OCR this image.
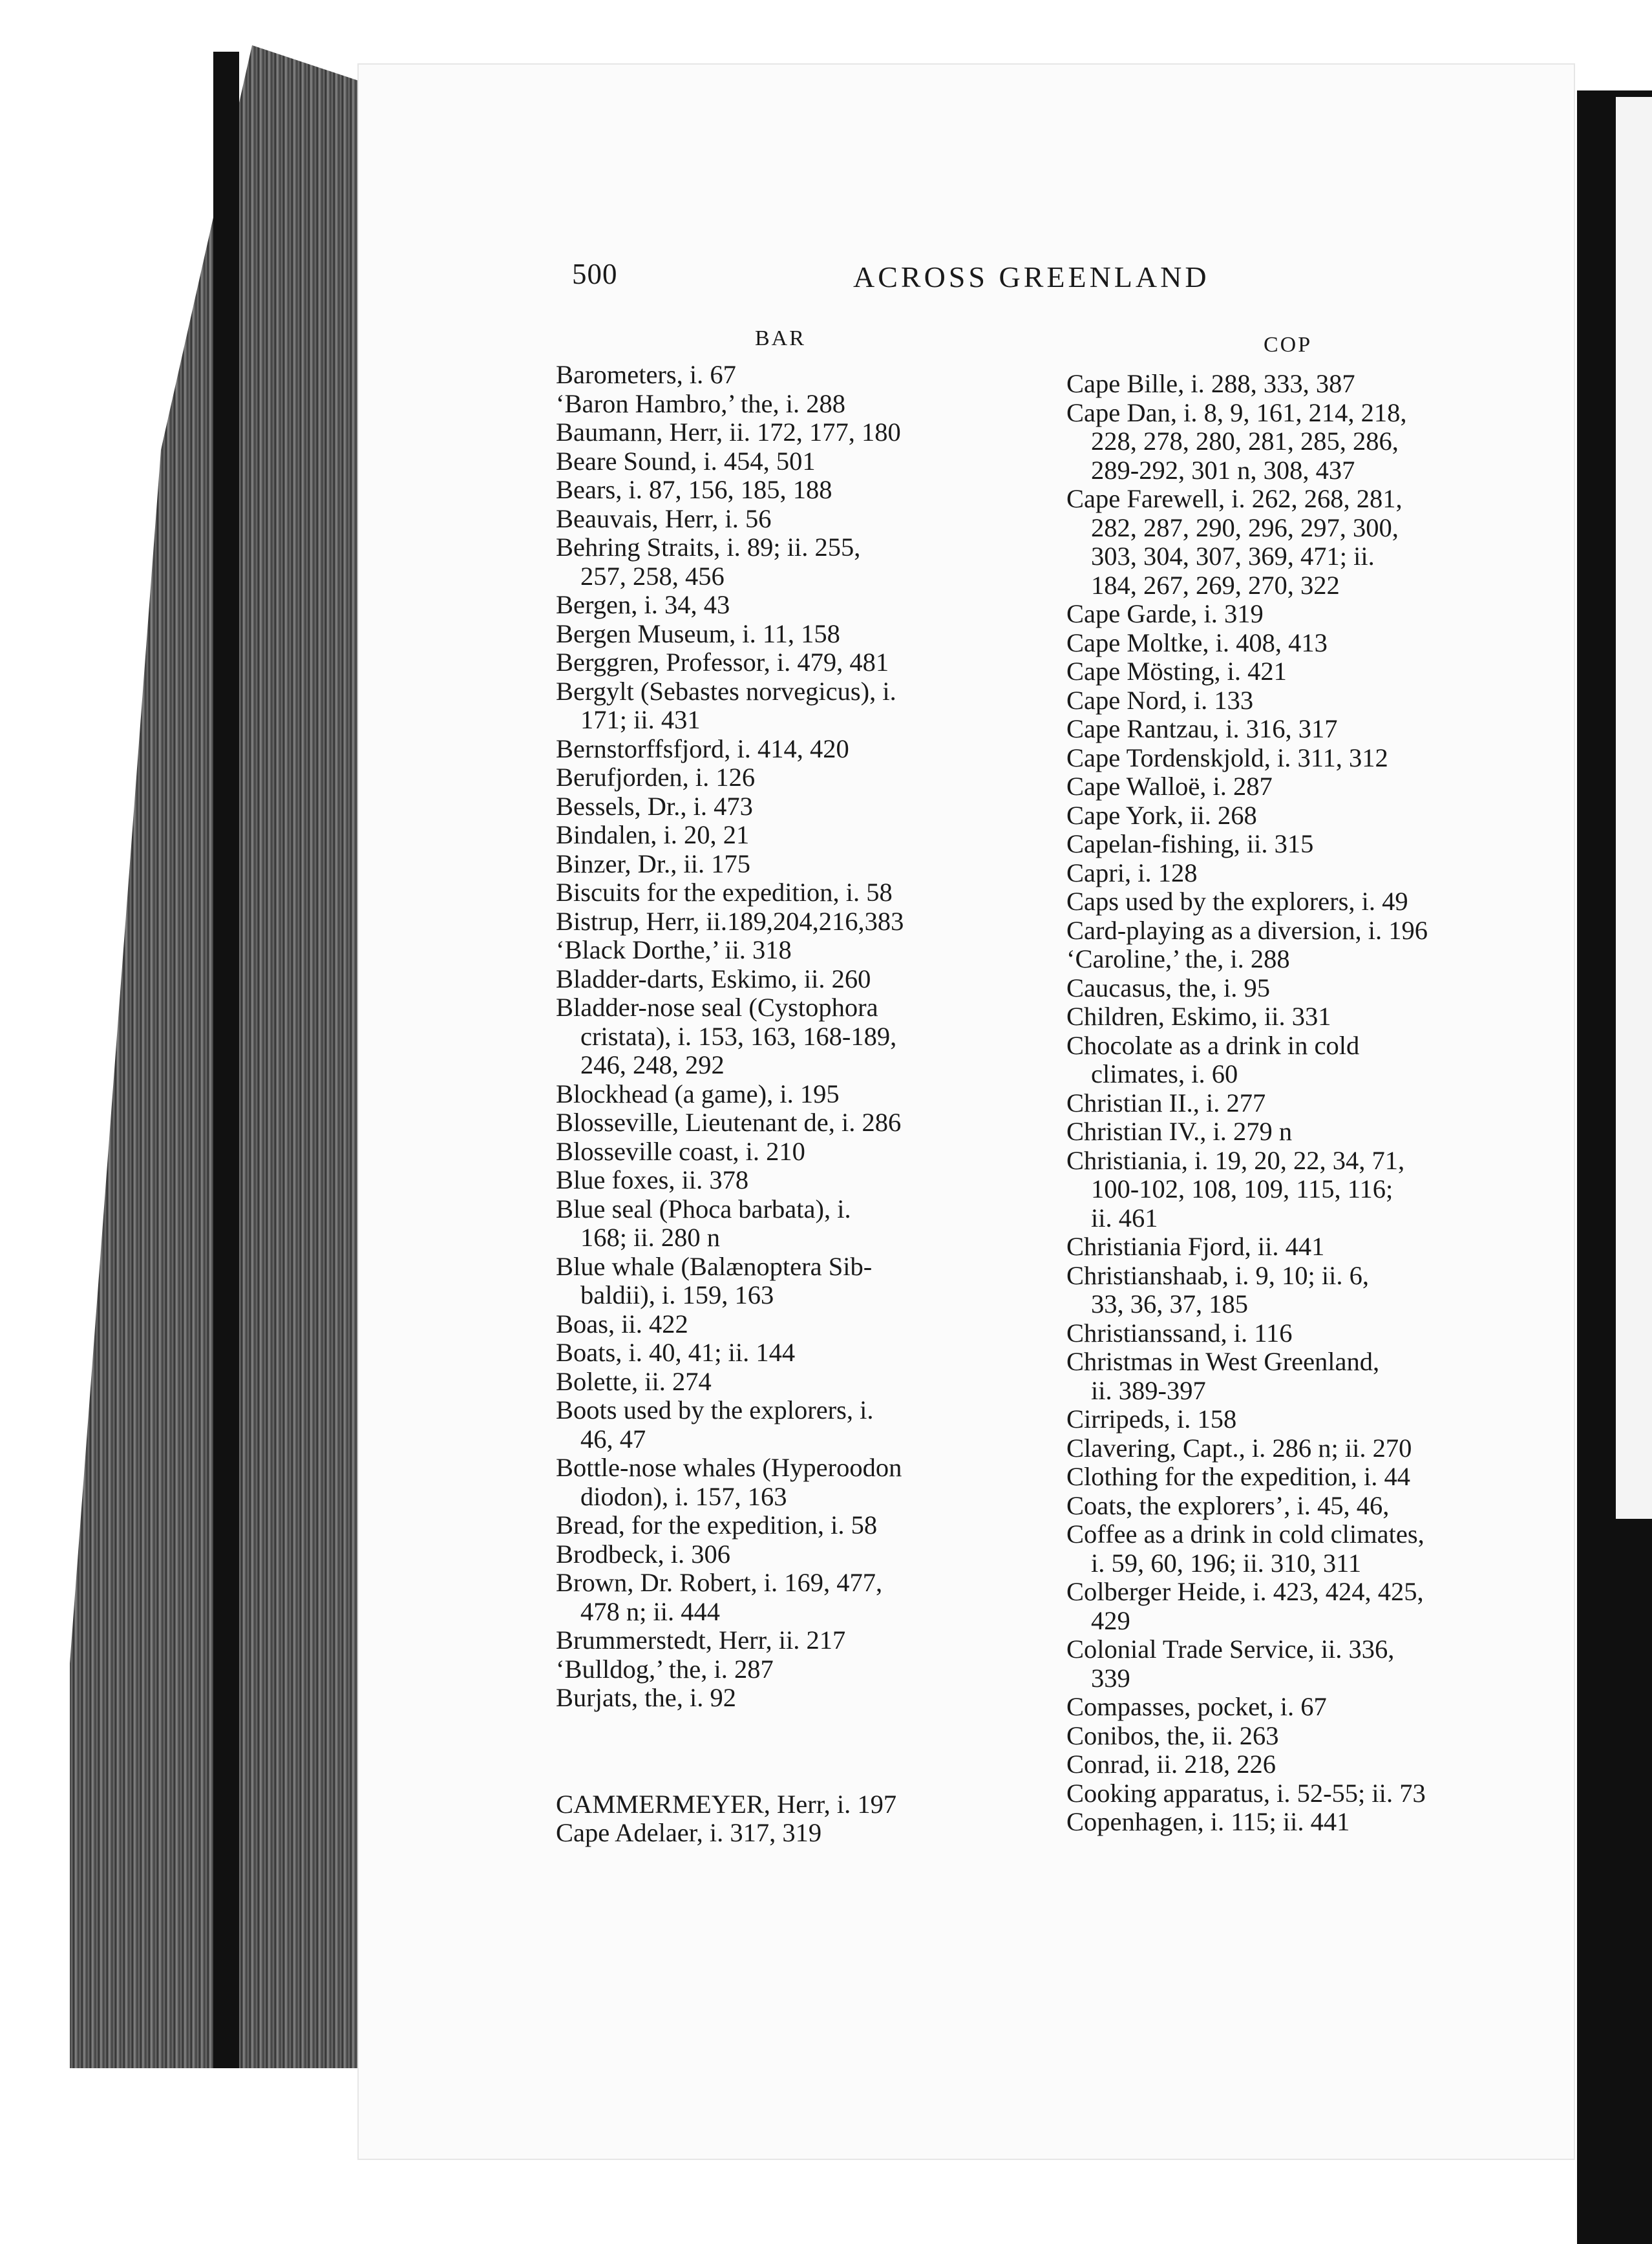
500	ACROSS GREENLAND
BAR	COP

Barometers, i. 67

‘Baron Hambro,’ the, i. 288

Baumann, Herr, ii. 172, 177, 180

Beare Sound, i. 454, 501

Bears, i. 87, 156, 185, 188

Beauvais, Herr, i. 56

Behring Straits, i. 89; ii. 255,

257, 258, 456

Bergen, i. 34, 43

Bergen Museum, i. 11, 158

Berggren, Professor, i. 479, 481

Bergylt (Sebastes norvegicus), i.

171; ii. 431

Bernstorffsfjord, i. 414, 420

Berufjorden, i. 126

Bessels, Dr., i. 473

Bindalen, i. 20, 21

Binzer, Dr., ii. 175

Biscuits for the expedition, i. 58

Bistrup, Herr, ii.189,204,216,383

‘Black Dorthe,’ ii. 318

Bladder-darts, Eskimo, ii. 260

Bladder-nose seal (Cystophora

cristata), i. 153, 163, 168-189,

246, 248, 292

Blockhead (a game), i. 195

Blosseville, Lieutenant de, i. 286

Blosseville coast, i. 210

Blue foxes, ii. 378

Blue seal (Phoca barbata), i.

168; ii. 280 n

Blue whale (Balænoptera Sib-

baldii), i. 159, 163

Boas, ii. 422

Boats, i. 40, 41; ii. 144

Bolette, ii. 274

Boots used by the explorers, i.

46, 47

Bottle-nose whales (Hyperoodon

diodon), i. 157, 163

Bread, for the expedition, i. 58

Brodbeck, i. 306

Brown, Dr. Robert, i. 169, 477,

478 n; ii. 444

Brummerstedt, Herr, ii. 217

‘Bulldog,’ the, i. 287

Burjats, the, i. 92

CAMMERMEYER, Herr, i. 197

Cape Adelaer, i. 317, 319

Cape Bille, i. 288, 333, 387

Cape Dan, i. 8, 9, 161, 214, 218,

228, 278, 280, 281, 285, 286,

289-292, 301 n, 308, 437

Cape Farewell, i. 262, 268, 281,

282, 287, 290, 296, 297, 300,

303, 304, 307, 369, 471; ii.

184, 267, 269, 270, 322

Cape Garde, i. 319

Cape Moltke, i. 408, 413

Cape Mösting, i. 421

Cape Nord, i. 133

Cape Rantzau, i. 316, 317

Cape Tordenskjold, i. 311, 312

Cape Walloë, i. 287

Cape York, ii. 268

Capelan-fishing, ii. 315

Capri, i. 128

Caps used by the explorers, i. 49

Card-playing as a diversion, i. 196

‘Caroline,’ the, i. 288

Caucasus, the, i. 95

Children, Eskimo, ii. 331

Chocolate as a drink in cold

climates, i. 60

Christian II., i. 277

Christian IV., i. 279 n

Christiania, i. 19, 20, 22, 34, 71,

100-102, 108, 109, 115, 116;

ii. 461

Christiania Fjord, ii. 441

Christianshaab, i. 9, 10; ii. 6,

33, 36, 37, 185

Christianssand, i. 116

Christmas in West Greenland,

ii. 389-397

Cirripeds, i. 158

Clavering, Capt., i. 286 n; ii. 270

Clothing for the expedition, i. 44

Coats, the explorers’, i. 45, 46,

Coffee as a drink in cold climates,

i. 59, 60, 196; ii. 310, 311

Colberger Heide, i. 423, 424, 425,

429

Colonial Trade Service, ii. 336,

339

Compasses, pocket, i. 67

Conibos, the, ii. 263

Conrad, ii. 218, 226

Cooking apparatus, i. 52-55; ii. 73

Copenhagen, i. 115; ii. 441
